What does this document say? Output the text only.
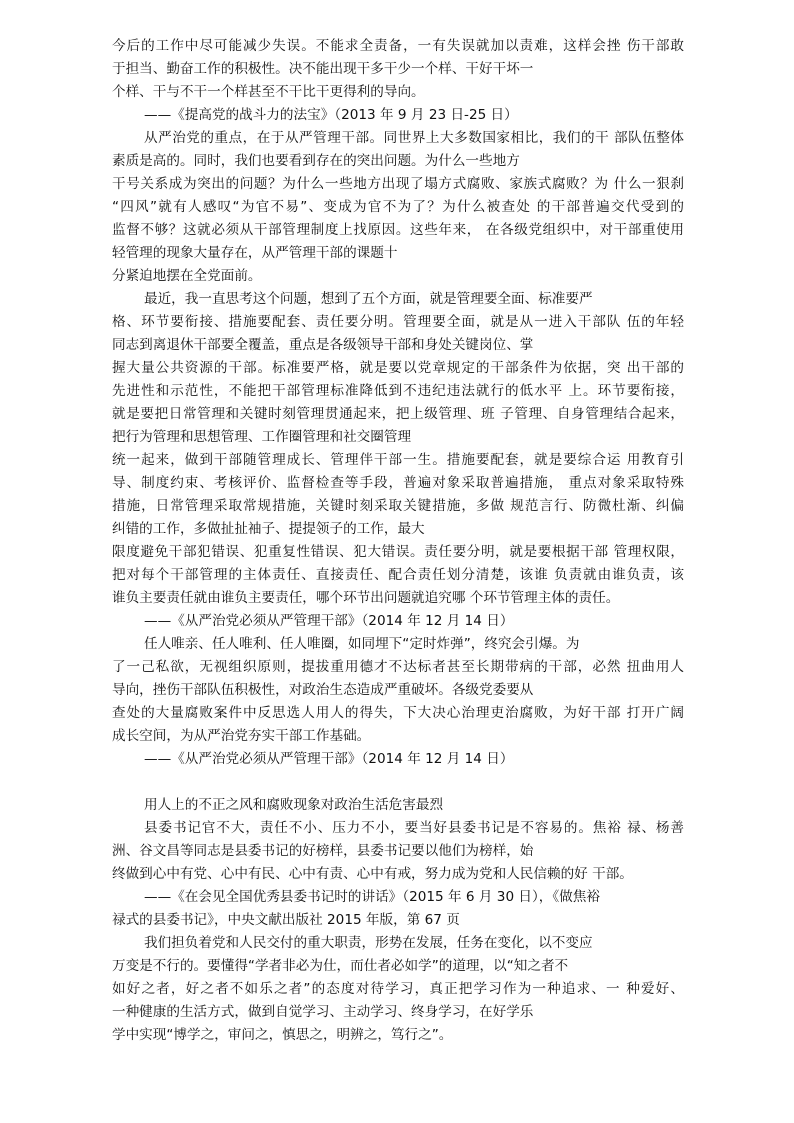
今后的工作中尽可能减少失误。不能求全责备，一有失误就加以责难，这样会挫 伤干部敢
于担当、勤奋工作的积极性。决不能出现干多干少一个样、干好干坏一
个样、干与不干一个样甚至不干比干更得利的导向。
——《提高党的战斗力的法宝》（2013 年 9 月 23 日-25 日）
从严治党的重点，在于从严管理干部。同世界上大多数国家相比，我们的干 部队伍整体
素质是高的。同时，我们也要看到存在的突出问题。为什么一些地方
干号关系成为突出的问题？为什么一些地方出现了塌方式腐败、家族式腐败？为 什么一狠刹
“四风”就有人感叹“为官不易”、变成为官不为了？为什么被查处 的干部普遍交代受到的
监督不够？这就必须从干部管理制度上找原因。这些年来， 在各级党组织中，对干部重使用
轻管理的现象大量存在，从严管理干部的课题十
分紧迫地摆在全党面前。
最近，我一直思考这个问题，想到了五个方面，就是管理要全面、标准要严
格、环节要衔接、措施要配套、责任要分明。管理要全面，就是从一进入干部队 伍的年轻
同志到离退休干部要全覆盖，重点是各级领导干部和身处关键岗位、掌
握大量公共资源的干部。标准要严格，就是要以党章规定的干部条件为依据，突 出干部的
先进性和示范性，不能把干部管理标准降低到不违纪违法就行的低水平 上。环节要衔接，
就是要把日常管理和关键时刻管理贯通起来，把上级管理、班 子管理、自身管理结合起来，
把行为管理和思想管理、工作圈管理和社交圈管理
统一起来，做到干部随管理成长、管理伴干部一生。措施要配套，就是要综合运 用教育引
导、制度约束、考核评价、监督检查等手段，普遍对象采取普遍措施， 重点对象采取特殊
措施，日常管理采取常规措施，关键时刻采取关键措施，多做 规范言行、防微杜渐、纠偏
纠错的工作，多做扯扯袖子、提提领子的工作，最大
限度避免干部犯错误、犯重复性错误、犯大错误。责任要分明，就是要根据干部 管理权限，
把对每个干部管理的主体责任、直接责任、配合责任划分清楚，该谁 负责就由谁负责，该
谁负主要责任就由谁负主要责任，哪个环节出问题就追究哪 个环节管理主体的责任。
——《从严治党必须从严管理干部》（2014 年 12 月 14 日）
任人唯亲、任人唯利、任人唯圈，如同埋下“定时炸弹”，终究会引爆。为
了一己私欲，无视组织原则，提拔重用德才不达标者甚至长期带病的干部，必然 扭曲用人
导向，挫伤干部队伍积极性，对政治生态造成严重破坏。各级党委要从
查处的大量腐败案件中反思选人用人的得失，下大决心治理吏治腐败，为好干部 打开广阔
成长空间，为从严治党夯实干部工作基础。
——《从严治党必须从严管理干部》（2014 年 12 月 14 日）
用人上的不正之风和腐败现象对政治生活危害最烈
县委书记官不大，责任不小、压力不小，要当好县委书记是不容易的。焦裕 禄、杨善
洲、谷文昌等同志是县委书记的好榜样，县委书记要以他们为榜样，始
终做到心中有党、心中有民、心中有责、心中有戒，努力成为党和人民信赖的好 干部。
——《在会见全国优秀县委书记时的讲话》（2015 年 6 月 30 日），《做焦裕
禄式的县委书记》，中央文献出版社 2015 年版，第 67 页
我们担负着党和人民交付的重大职责，形势在发展，任务在变化，以不变应
万变是不行的。要懂得“学者非必为仕，而仕者必如学”的道理，以“知之者不
如好之者，好之者不如乐之者”的态度对待学习，真正把学习作为一种追求、一 种爱好、
一种健康的生活方式，做到自觉学习、主动学习、终身学习，在好学乐
学中实现“博学之，审问之，慎思之，明辨之，笃行之”。
